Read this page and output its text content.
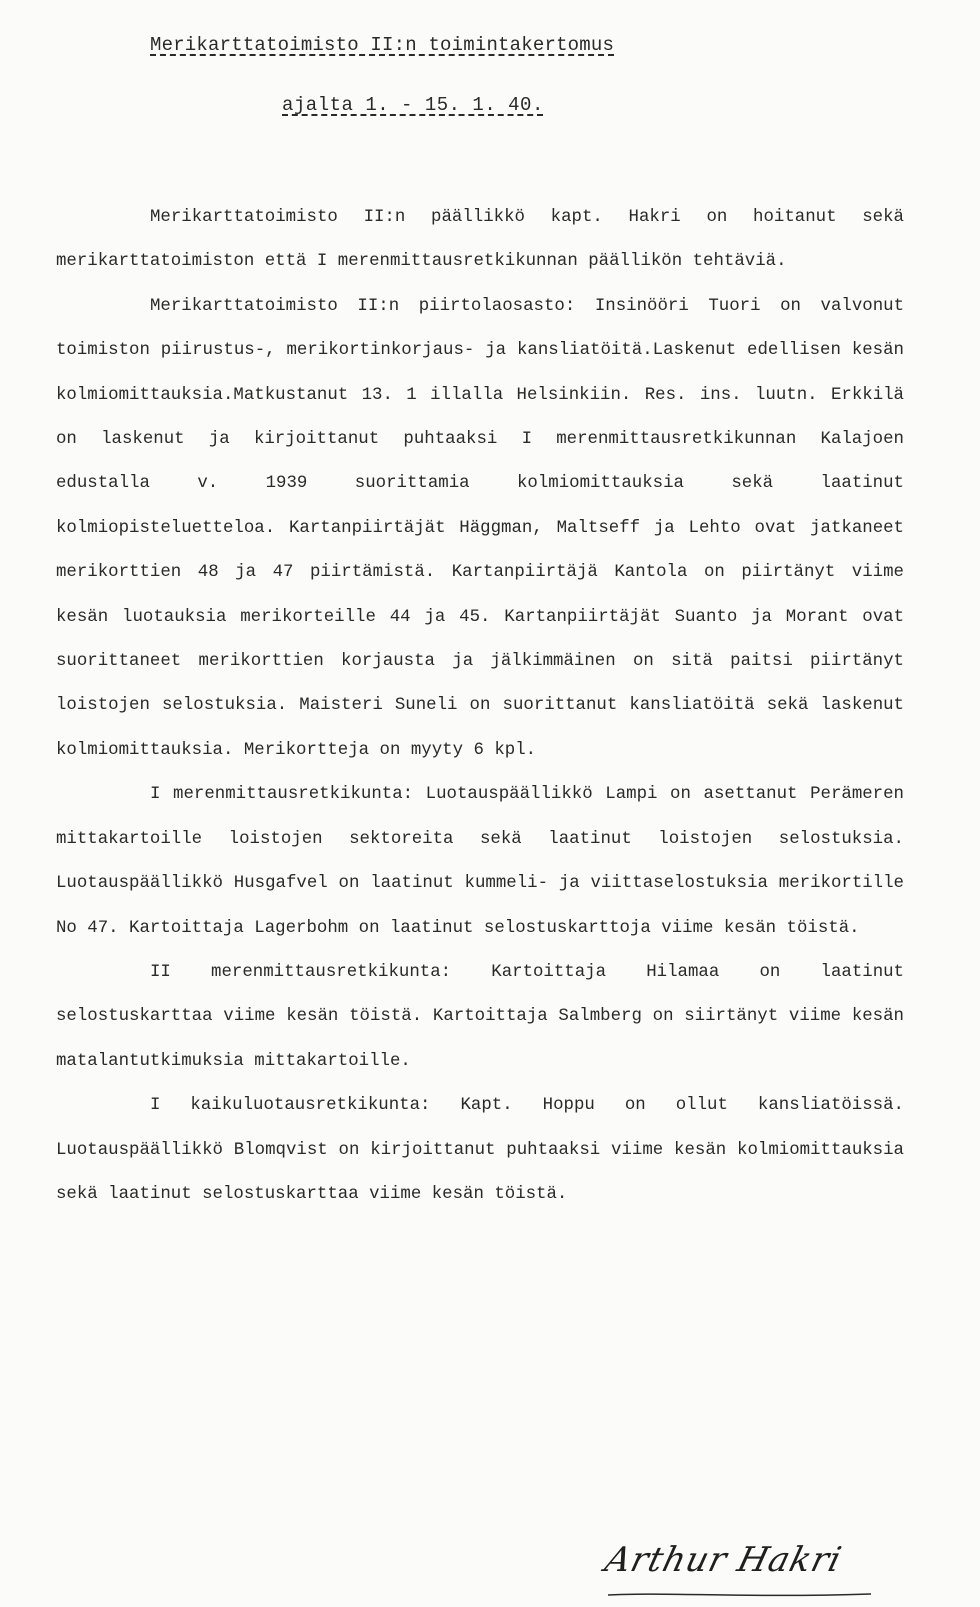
Merikarttatoimisto II:n toimintakertomus
ajalta 1. - 15. 1. 40.

Merikarttatoimisto II:n päällikkö kapt. Hakri on hoitanut sekä merikarttatoimiston että I merenmittausretkikunnan päällikön tehtäviä.

Merikarttatoimisto II:n piirtolaosasto: Insinööri Tuori on valvonut toimiston piirustus-, merikortinkorjaus- ja kansliatöitä.Laskenut edellisen kesän kolmiomittauksia.Matkustanut 13. 1 illalla Helsinkiin. Res. ins. luutn. Erkkilä on laskenut ja kirjoittanut puhtaaksi I merenmittausretkikunnan Kalajoen edustalla v. 1939 suorittamia kolmiomittauksia sekä laatinut kolmiopisteluetteloa. Kartanpiirtäjät Häggman, Maltseff ja Lehto ovat jatkaneet merikorttien 48 ja 47 piirtämistä. Kartanpiirtäjä Kantola on piirtänyt viime kesän luotauksia merikorteille 44 ja 45. Kartanpiirtäjät Suanto ja Morant ovat suorittaneet merikorttien korjausta ja jälkimmäinen on sitä paitsi piirtänyt loistojen selostuksia. Maisteri Suneli on suorittanut kansliatöitä sekä laskenut kolmiomittauksia. Merikortteja on myyty 6 kpl.

I merenmittausretkikunta: Luotauspäällikkö Lampi on asettanut Perämeren mittakartoille loistojen sektoreita sekä laatinut loistojen selostuksia. Luotauspäällikkö Husgafvel on laatinut kummeli- ja viittaselostuksia merikortille No 47. Kartoittaja Lagerbohm on laatinut selostuskarttoja viime kesän töistä.

II merenmittausretkikunta: Kartoittaja Hilamaa on laatinut selostuskarttaa viime kesän töistä. Kartoittaja Salmberg on siirtänyt viime kesän matalantutkimuksia mittakartoille.

I kaikuluotausretkikunta: Kapt. Hoppu on ollut kansliatöissä. Luotauspäällikkö Blomqvist on kirjoittanut puhtaaksi viime kesän kolmiomittauksia sekä laatinut selostuskarttaa viime kesän töistä.

Arthur Hakri
